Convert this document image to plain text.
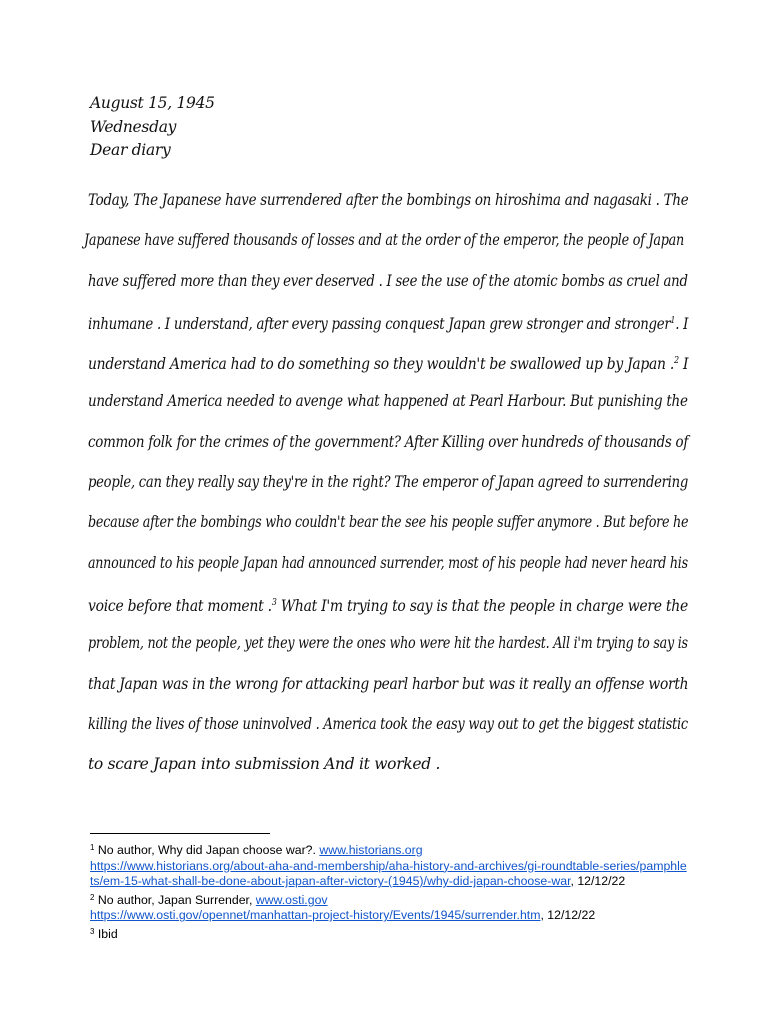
August 15, 1945
Wednesday
Dear diary
Today, The Japanese have surrendered after the bombings on hiroshima and nagasaki . The
Japanese have suffered thousands of losses and at the order of the emperor, the people of Japan
have suffered more than they ever deserved . I see the use of the atomic bombs as cruel and
inhumane . I understand, after every passing conquest Japan grew stronger and stronger$^1$. I
understand America had to do something so they wouldn't be swallowed up by Japan .$^2$ I
understand America needed to avenge what happened at Pearl Harbour. But punishing the
common folk for the crimes of the government? After Killing over hundreds of thousands of
people, can they really say they're in the right? The emperor of Japan agreed to surrendering
because after the bombings who couldn't bear the see his people suffer anymore . But before he
announced to his people Japan had announced surrender, most of his people had never heard his
voice before that moment .$^3$ What I'm trying to say is that the people in charge were the
problem, not the people, yet they were the ones who were hit the hardest. All i'm trying to say is
that Japan was in the wrong for attacking pearl harbor but was it really an offense worth
killing the lives of those uninvolved . America took the easy way out to get the biggest statistic
to scare Japan into submission And it worked .

$^1$ No author, Why did Japan choose war?. www.historians.org
https://www.historians.org/about-aha-and-membership/aha-history-and-archives/gi-roundtable-series/pamphlets/em-15-what-shall-be-done-about-japan-after-victory-(1945)/why-did-japan-choose-war, 12/12/22

$^2$ No author, Japan Surrender, www.osti.gov
https://www.osti.gov/opennet/manhattan-project-history/Events/1945/surrender.htm, 12/12/22

$^3$ Ibid
